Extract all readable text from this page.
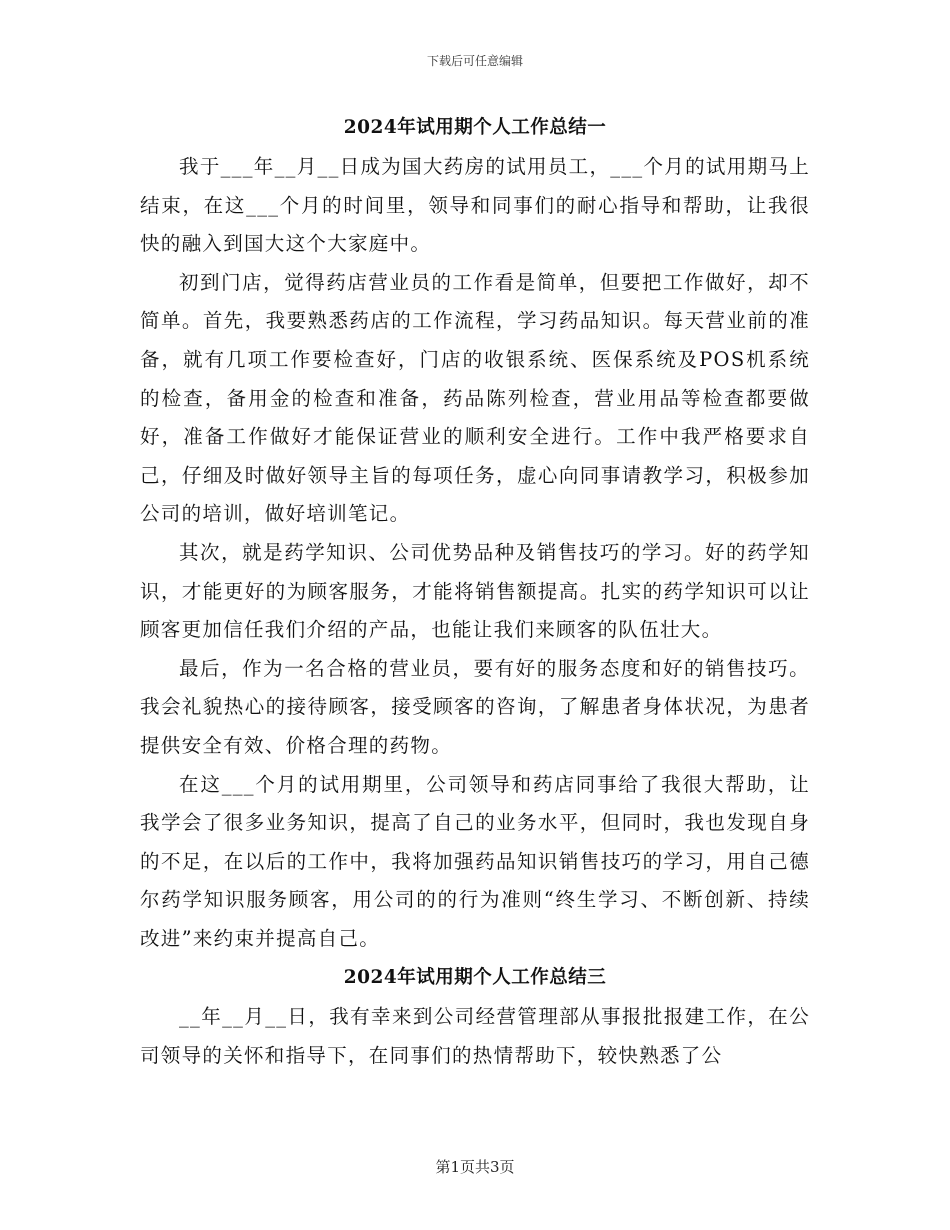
下载后可任意编辑
2024年试用期个人工作总结一

我于___年__月__日成为国大药房的试用员工，___个月的试用期马上结束，在这___个月的时间里，领导和同事们的耐心指导和帮助，让我很快的融入到国大这个大家庭中。

初到门店，觉得药店营业员的工作看是简单，但要把工作做好，却不简单。首先，我要熟悉药店的工作流程，学习药品知识。每天营业前的准备，就有几项工作要检查好，门店的收银系统、医保系统及POS机系统的检查，备用金的检查和准备，药品陈列检查，营业用品等检查都要做好，准备工作做好才能保证营业的顺利安全进行。工作中我严格要求自己，仔细及时做好领导主旨的每项任务，虚心向同事请教学习，积极参加公司的培训，做好培训笔记。

其次，就是药学知识、公司优势品种及销售技巧的学习。好的药学知识，才能更好的为顾客服务，才能将销售额提高。扎实的药学知识可以让顾客更加信任我们介绍的产品，也能让我们来顾客的队伍壮大。

最后，作为一名合格的营业员，要有好的服务态度和好的销售技巧。我会礼貌热心的接待顾客，接受顾客的咨询，了解患者身体状况，为患者提供安全有效、价格合理的药物。

在这___个月的试用期里，公司领导和药店同事给了我很大帮助，让我学会了很多业务知识，提高了自己的业务水平，但同时，我也发现自身的不足，在以后的工作中，我将加强药品知识销售技巧的学习，用自己德尔药学知识服务顾客，用公司的的行为准则“终生学习、不断创新、持续改进”来约束并提高自己。

2024年试用期个人工作总结三

__年__月__日，我有幸来到公司经营管理部从事报批报建工作，在公司领导的关怀和指导下，在同事们的热情帮助下，较快熟悉了公

第1页共3页
